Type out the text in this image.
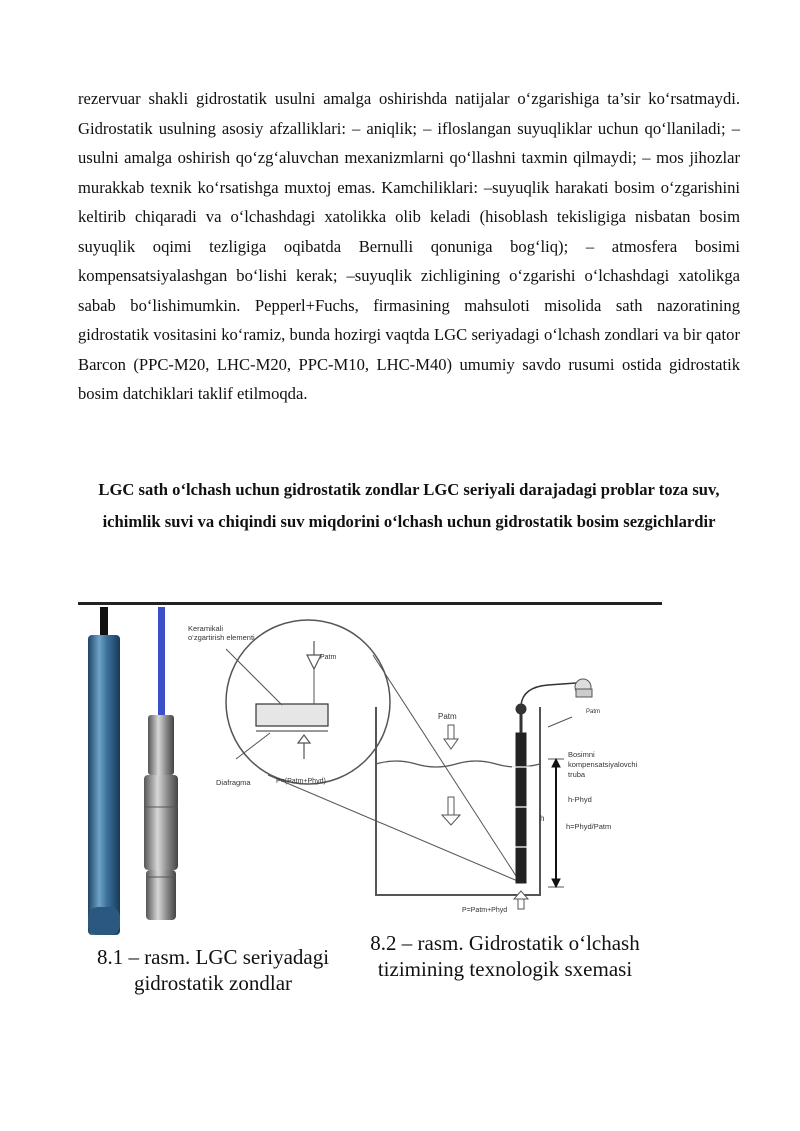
rezervuar shakli gidrostatik usulni amalga oshirishda natijalar o‘zgarishiga ta’sir ko‘rsatmaydi. Gidrostatik usulning asosiy afzalliklari: – aniqlik; – ifloslangan suyuqliklar uchun qo‘llaniladi; – usulni amalga oshirish qo‘zg‘aluvchan mexanizmlarni qo‘llashni taxmin qilmaydi; – mos jihozlar murakkab texnik ko‘rsatishga muxtoj emas. Kamchiliklari: –suyuqlik harakati bosim o‘zgarishini keltirib chiqaradi va o‘lchashdagi xatolikka olib keladi (hisoblash tekisligiga nisbatan bosim suyuqlik oqimi tezligiga oqibatda Bernulli qonuniga bog‘liq); – atmosfera bosimi kompensatsiyalashgan bo‘lishi kerak; –suyuqlik zichligining o‘zgarishi o‘lchashdagi xatolikga sabab bo‘lishimumkin. Pepperl+Fuchs, firmasining mahsuloti misolida sath nazoratining gidrostatik vositasini ko‘ramiz, bunda hozirgi vaqtda LGC seriyadagi o‘lchash zondlari va bir qator Barcon (PPC-M20, LHC-M20, PPC-M10, LHC-M40) umumiy savdo rusumi ostida gidrostatik bosim datchiklari taklif etilmoqda.

LGC sath o‘lchash uchun gidrostatik zondlar LGC seriyali darajadagi problar toza suv, ichimlik suvi va chiqindi suv miqdorini o‘lchash uchun gidrostatik bosim sezgichlardir

Keramikali
o‘zgartirish elementi
Patm
P=(Patm+Phyd)
Diafragma
Patm
Bosimni
kompensatsiyalovchi
truba
h-Phyd
h
h=Phyd/Patm
P=Patm+Phyd
Patm
8.1 – rasm. LGC seriyadagi
gidrostatik zondlar
8.2 – rasm. Gidrostatik o‘lchash
tizimining texnologik sxemasi
